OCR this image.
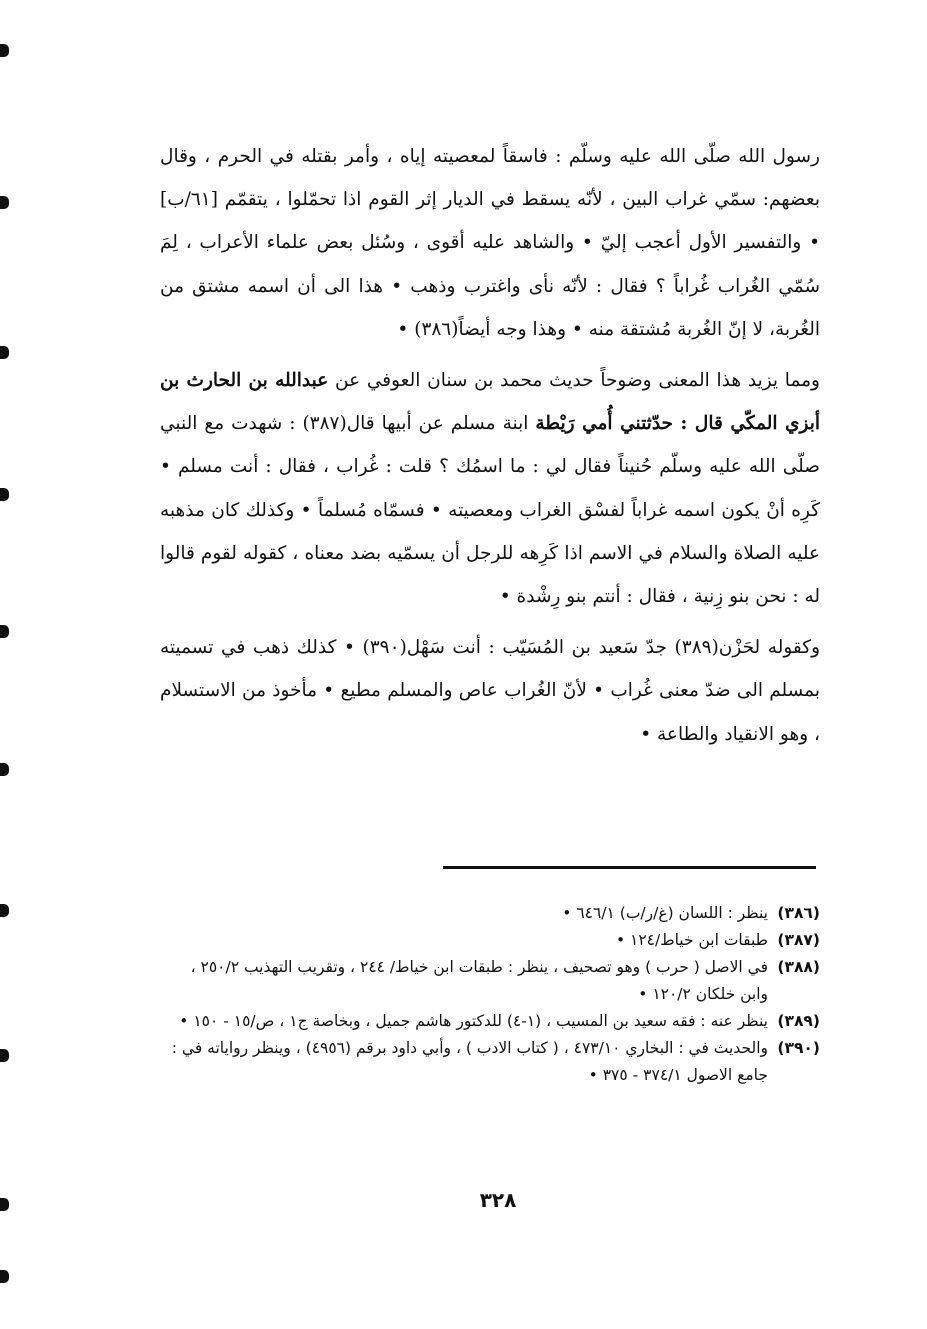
رسول الله صلّى الله عليه وسلّم : فاسقاً لمعصيته إياه ، وأمر بقتله في الحرم ، وقال بعضهم: سمّي غراب البين ، لأنّه يسقط في الديار إثر القوم اذا تحمّلوا ، يتقمّم [٦١/ب] • والتفسير الأول أعجب إليّ • والشاهد عليه أقوى ، وسُئل بعض علماء الأعراب ، لِمَ سُمّي الغُراب غُراباً ؟ فقال : لأنّه نأى واغترب وذهب • هذا الى أن اسمه مشتق من الغُربة، لا إنّ الغُربة مُشتقة منه • وهذا وجه أيضاً(٣٨٦) •

ومما يزيد هذا المعنى وضوحاً حديث محمد بن سنان العوفي عن عبدالله بن الحارث بن أبزي المكّي قال : حدّثتني أُمي رَيْطة ابنة مسلم عن أبيها قال(٣٨٧) : شهدت مع النبي صلّى الله عليه وسلّم حُنيناً فقال لي : ما اسمُك ؟ قلت : غُراب ، فقال : أنت مسلم • كَرِه أنْ يكون اسمه غراباً لفسْق الغراب ومعصيته • فسمّاه مُسلماً • وكذلك كان مذهبه عليه الصلاة والسلام في الاسم اذا كَرِهه للرجل أن يسمّيه بضد معناه ، كقوله لقوم قالوا له : نحن بنو زِنية ، فقال : أنتم بنو رِشْدة •

وكقوله لحَزْن(٣٨٩) جدّ سَعيد بن المُسَيّب : أنت سَهْل(٣٩٠) • كذلك ذهب في تسميته بمسلم الى ضدّ معنى غُراب • لأنّ الغُراب عاص والمسلم مطيع • مأخوذ من الاستسلام ، وهو الانقياد والطاعة •

(٣٨٦)ينظر : اللسان (غ/ر/ب) ٦٤٦/١ •

(٣٨٧)طبقات ابن خياط/١٢٤ •

(٣٨٨)في الاصل ( حرب ) وهو تصحيف ، ينظر : طبقات ابن خياط/ ٢٤٤ ، وتقريب التهذيب ٢٥٠/٢ ، وابن خلكان ١٢٠/٢ •

(٣٨٩)ينظر عنه : فقه سعيد بن المسيب ، (١-٤) للدكتور هاشم جميل ، وبخاصة ج١ ، ص/١٥ - ١٥٠ •

(٣٩٠)والحديث في : البخاري ٤٧٣/١٠ ، ( كتاب الادب ) ، وأبي داود برقم (٤٩٥٦) ، وينظر رواياته في : جامع الاصول ٣٧٤/١ - ٣٧٥ •

٣٢٨
